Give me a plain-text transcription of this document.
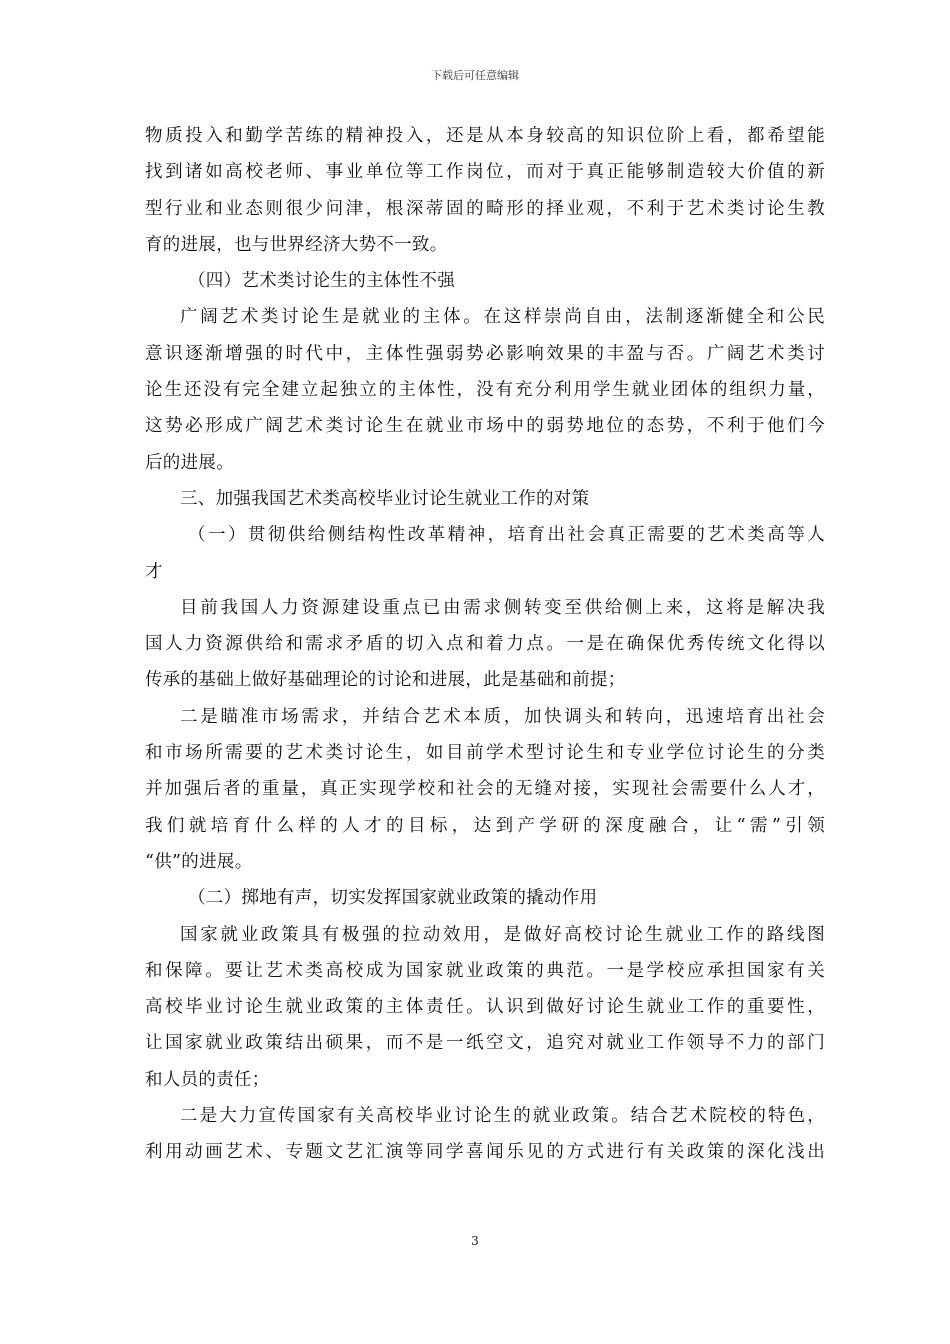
下载后可任意编辑
物质投入和勤学苦练的精神投入，还是从本身较高的知识位阶上看，都希望能
找到诸如高校老师、事业单位等工作岗位，而对于真正能够制造较大价值的新
型行业和业态则很少问津，根深蒂固的畸形的择业观，不利于艺术类讨论生教
育的进展，也与世界经济大势不一致。
（四）艺术类讨论生的主体性不强
广阔艺术类讨论生是就业的主体。在这样崇尚自由，法制逐渐健全和公民
意识逐渐增强的时代中，主体性强弱势必影响效果的丰盈与否。广阔艺术类讨
论生还没有完全建立起独立的主体性，没有充分利用学生就业团体的组织力量，
这势必形成广阔艺术类讨论生在就业市场中的弱势地位的态势，不利于他们今
后的进展。
三、加强我国艺术类高校毕业讨论生就业工作的对策
（一）贯彻供给侧结构性改革精神，培育出社会真正需要的艺术类高等人
才
目前我国人力资源建设重点已由需求侧转变至供给侧上来，这将是解决我
国人力资源供给和需求矛盾的切入点和着力点。一是在确保优秀传统文化得以
传承的基础上做好基础理论的讨论和进展，此是基础和前提；
二是瞄准市场需求，并结合艺术本质，加快调头和转向，迅速培育出社会
和市场所需要的艺术类讨论生，如目前学术型讨论生和专业学位讨论生的分类
并加强后者的重量，真正实现学校和社会的无缝对接，实现社会需要什么人才，
我们就培育什么样的人才的目标，达到产学研的深度融合，让“需”引领
“供”的进展。
（二）掷地有声，切实发挥国家就业政策的撬动作用
国家就业政策具有极强的拉动效用，是做好高校讨论生就业工作的路线图
和保障。要让艺术类高校成为国家就业政策的典范。一是学校应承担国家有关
高校毕业讨论生就业政策的主体责任。认识到做好讨论生就业工作的重要性，
让国家就业政策结出硕果，而不是一纸空文，追究对就业工作领导不力的部门
和人员的责任；
二是大力宣传国家有关高校毕业讨论生的就业政策。结合艺术院校的特色，
利用动画艺术、专题文艺汇演等同学喜闻乐见的方式进行有关政策的深化浅出
3
